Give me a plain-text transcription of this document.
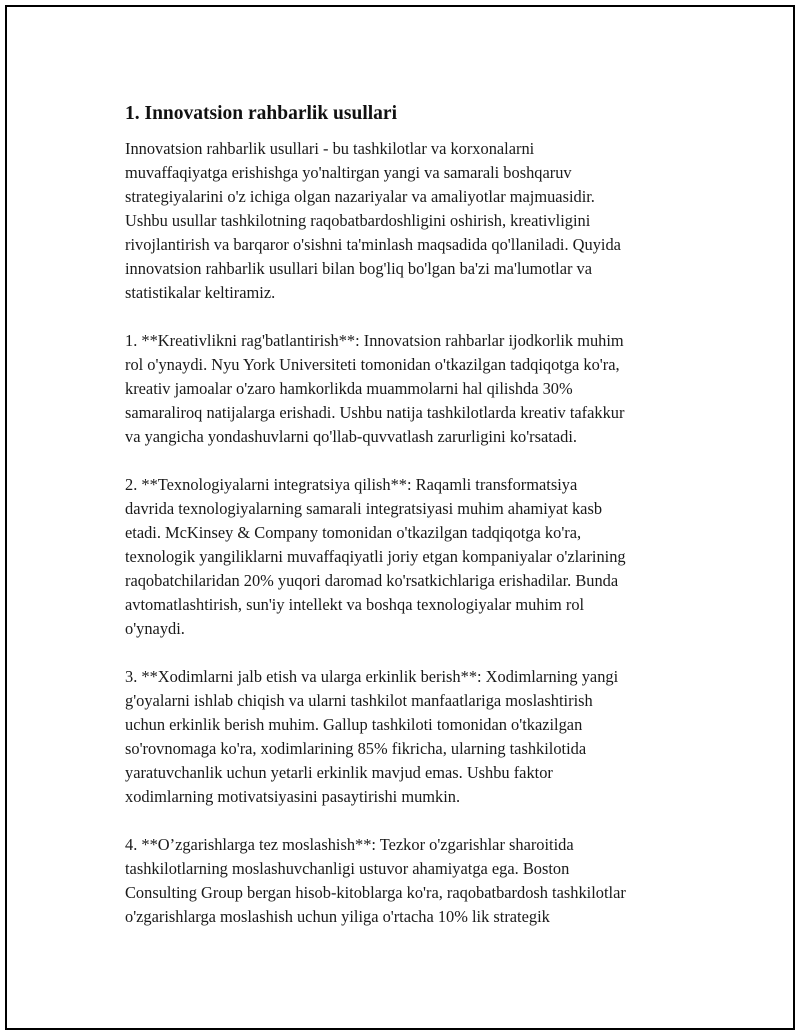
1. Innovatsion rahbarlik usullari

Innovatsion rahbarlik usullari - bu tashkilotlar va korxonalarni
muvaffaqiyatga erishishga yo'naltirgan yangi va samarali boshqaruv
strategiyalarini o'z ichiga olgan nazariyalar va amaliyotlar majmuasidir.
Ushbu usullar tashkilotning raqobatbardoshligini oshirish, kreativligini
rivojlantirish va barqaror o'sishni ta'minlash maqsadida qo'llaniladi. Quyida
innovatsion rahbarlik usullari bilan bog'liq bo'lgan ba'zi ma'lumotlar va
statistikalar keltiramiz.

1. **Kreativlikni rag'batlantirish**: Innovatsion rahbarlar ijodkorlik muhim
rol o'ynaydi. Nyu York Universiteti tomonidan o'tkazilgan tadqiqotga ko'ra,
kreativ jamoalar o'zaro hamkorlikda muammolarni hal qilishda 30%
samaraliroq natijalarga erishadi. Ushbu natija tashkilotlarda kreativ tafakkur
va yangicha yondashuvlarni qo'llab-quvvatlash zarurligini ko'rsatadi.

2. **Texnologiyalarni integratsiya qilish**: Raqamli transformatsiya
davrida texnologiyalarning samarali integratsiyasi muhim ahamiyat kasb
etadi. McKinsey & Company tomonidan o'tkazilgan tadqiqotga ko'ra,
texnologik yangiliklarni muvaffaqiyatli joriy etgan kompaniyalar o'zlarining
raqobatchilaridan 20% yuqori daromad ko'rsatkichlariga erishadilar. Bunda
avtomatlashtirish, sun'iy intellekt va boshqa texnologiyalar muhim rol
o'ynaydi.

3. **Xodimlarni jalb etish va ularga erkinlik berish**: Xodimlarning yangi
g'oyalarni ishlab chiqish va ularni tashkilot manfaatlariga moslashtirish
uchun erkinlik berish muhim. Gallup tashkiloti tomonidan o'tkazilgan
so'rovnomaga ko'ra, xodimlarining 85% fikricha, ularning tashkilotida
yaratuvchanlik uchun yetarli erkinlik mavjud emas. Ushbu faktor
xodimlarning motivatsiyasini pasaytirishi mumkin.

4. **O’zgarishlarga tez moslashish**: Tezkor o'zgarishlar sharoitida
tashkilotlarning moslashuvchanligi ustuvor ahamiyatga ega. Boston
Consulting Group bergan hisob-kitoblarga ko'ra, raqobatbardosh tashkilotlar
o'zgarishlarga moslashish uchun yiliga o'rtacha 10% lik strategik
